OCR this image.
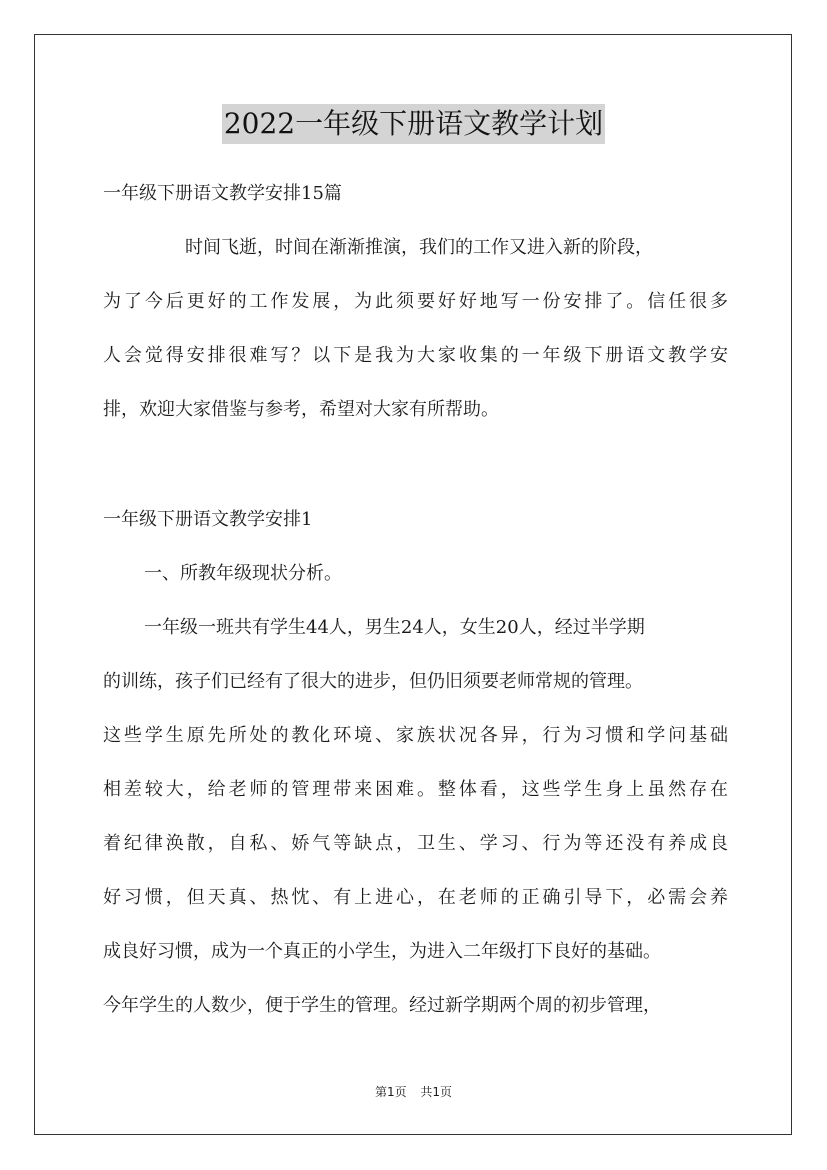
2022一年级下册语文教学计划
一年级下册语文教学安排15篇
时间飞逝，时间在渐渐推演，我们的工作又进入新的阶段，
为了今后更好的工作发展，为此须要好好地写一份安排了。信任很多
人会觉得安排很难写？以下是我为大家收集的一年级下册语文教学安
排，欢迎大家借鉴与参考，希望对大家有所帮助。
一年级下册语文教学安排1
一、所教年级现状分析。
一年级一班共有学生44人，男生24人，女生20人，经过半学期
的训练，孩子们已经有了很大的进步，但仍旧须要老师常规的管理。
这些学生原先所处的教化环境、家族状况各异，行为习惯和学问基础
相差较大，给老师的管理带来困难。整体看，这些学生身上虽然存在
着纪律涣散，自私、娇气等缺点，卫生、学习、行为等还没有养成良
好习惯，但天真、热忱、有上进心，在老师的正确引导下，必需会养
成良好习惯，成为一个真正的小学生，为进入二年级打下良好的基础。
今年学生的人数少，便于学生的管理。经过新学期两个周的初步管理，
第1页 共1页
